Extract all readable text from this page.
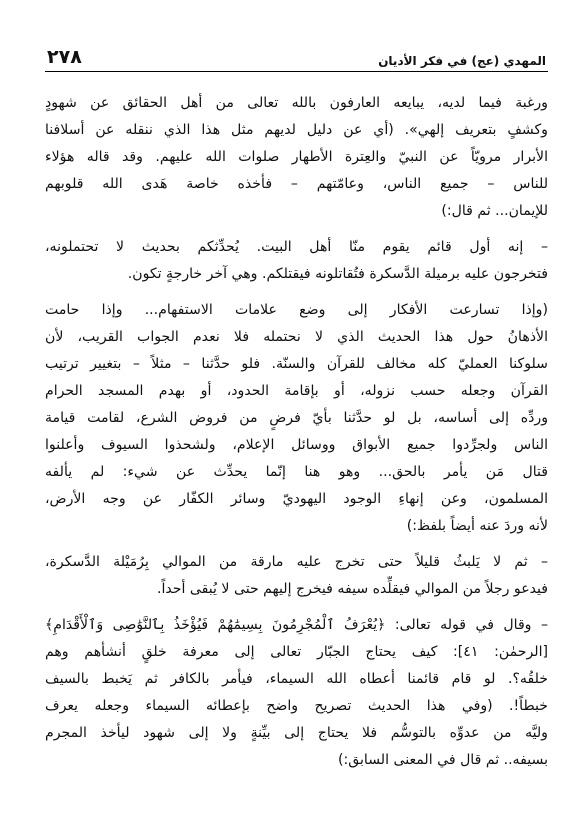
المهدي (عج) في فكر الأديان
٢٧٨
ورغبة فيما لديه، يبايعه العارفون بالله تعالى من أهل الحقائق عن شهودٍ
وكشفٍ بتعريف إلهي». (أي عن دليل لديهم مثل هذا الذي ننقله عن أسلافنا
الأبرار مرويّاً عن النبيّ والعِترة الأطهار صلوات الله عليهم. وقد قاله هؤلاء
للناس – جميع الناس، وعامّتهم – فأخذه خاصة هَدى الله قلوبهم
للإيمان... ثم قال:)
– إنه أول قائم يقوم منّا أهل البيت. يُحدِّثكم بحديث لا تحتملونه،
فتخرجون عليه برميلة الدَّسكرة فتُقاتلونه فيقتلكم. وهي آخر خارجةٍ تكون.
(وإذا تسارعت الأفكار إلى وضع علامات الاستفهام... وإذا حامت
الأذهانُ حول هذا الحديث الذي لا نحتمله فلا نعدم الجواب القريب، لأن
سلوكنا العمليّ كله مخالف للقرآن والسنّة. فلو حدَّثنا – مثلاً – بتغيير ترتيب
القرآن وجعله حسب نزوله، أو بإقامة الحدود، أو بهدم المسجد الحرام
وردِّه إلى أساسه، بل لو حدَّثنا بأيّ فرضٍ من فروض الشرع، لقامت قيامة
الناس ولجرِّدوا جميع الأبواق ووسائل الإعلام، ولشحذوا السيوف وأعلنوا
قتال مَن يأمر بالحق... وهو هنا إنّما يحدِّث عن شيء: لم يألفه
المسلمون، وعن إنهاءِ الوجود اليهوديّ وسائر الكفّار عن وجه الأرض،
لأنه وردَ عنه أيضاً بلفظ:)
– ثم لا يَلبثُ قليلاً حتى تخرج عليه مارقة من الموالي بِرُمَيْلة الدَّسكرة،
فيدعو رجلاً من الموالي فيقلِّده سيفه فيخرج إليهم حتى لا يُبقى أحداً.
– وقال في قوله تعالى: ﴿يُعْرَفُ ٱلْمُجْرِمُونَ بِسِيمَٰهُمْ فَيُؤْخَذُ بِٱلنَّوَٰصِى وَٱلْأَقْدَامِ﴾
[الرحمٰن: ٤١]: كيف يحتاج الجبّار تعالى إلى معرفة خلقٍ أنشأهم وهم
خلقُه؟. لو قام قائمنا أعطاه الله السيماء، فيأمر بالكافر ثم يَخبط بالسيف
خبطاً!. (وفي هذا الحديث تصريح واضح بإعطائه السيماء وجعله يعرف
وليَّه من عدوِّه بالتوسُّم فلا يحتاج إلى بيِّنةٍ ولا إلى شهود ليأخذ المجرم
بسيفه.. ثم قال في المعنى السابق:)
